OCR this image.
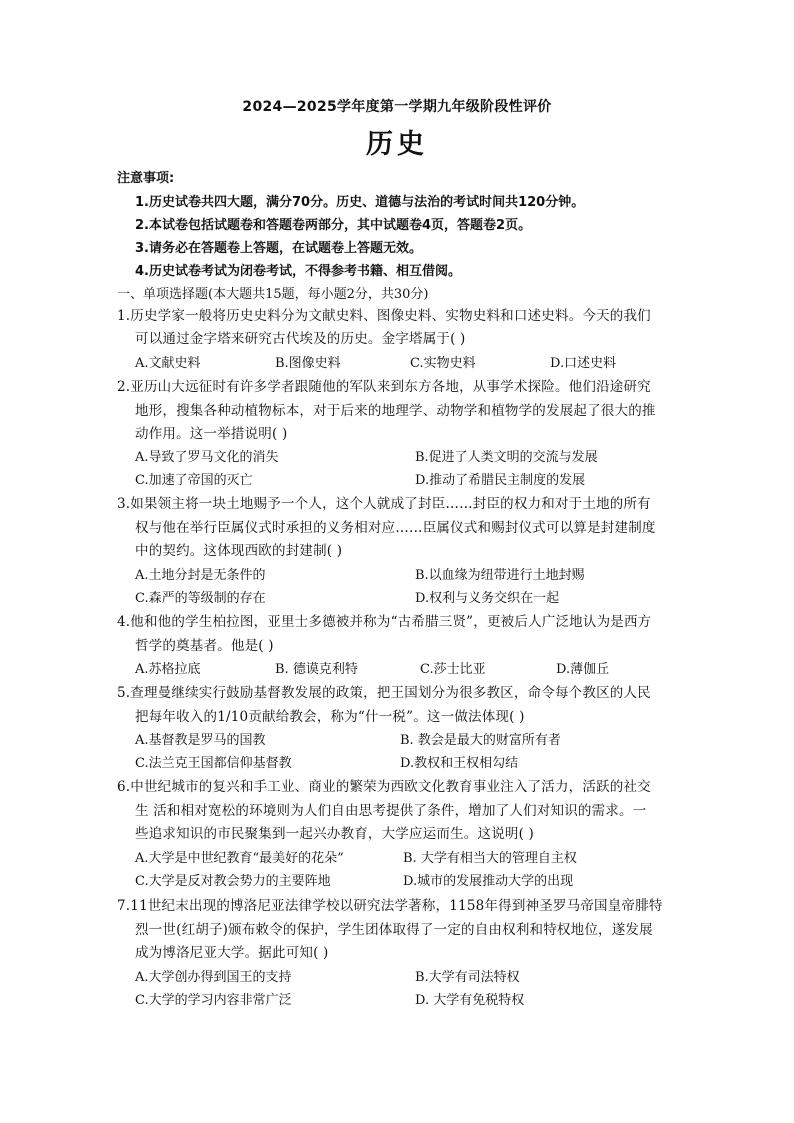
2024—2025学年度第一学期九年级阶段性评价
历史
注意事项:
1.历史试卷共四大题，满分70分。历史、道德与法治的考试时间共120分钟。
2.本试卷包括试题卷和答题卷两部分，其中试题卷4页，答题卷2页。
3.请务必在答题卷上答题，在试题卷上答题无效。
4.历史试卷考试为闭卷考试，不得参考书籍、相互借阅。
一、单项选择题(本大题共15题，每小题2分，共30分)
1.历史学家一般将历史史料分为文献史料、图像史料、实物史料和口述史料。今天的我们
可以通过金字塔来研究古代埃及的历史。金字塔属于( )
A.文献史料	B.图像史料	C.实物史料	D.口述史料
2.亚历山大远征时有许多学者跟随他的军队来到东方各地，从事学术探险。他们沿途研究
地形，搜集各种动植物标本，对于后来的地理学、动物学和植物学的发展起了很大的推
动作用。这一举措说明( )
A.导致了罗马文化的消失	B.促进了人类文明的交流与发展
C.加速了帝国的灭亡	D.推动了希腊民主制度的发展
3.如果领主将一块土地赐予一个人，这个人就成了封臣……封臣的权力和对于土地的所有
权与他在举行臣属仪式时承担的义务相对应……臣属仪式和赐封仪式可以算是封建制度
中的契约。这体现西欧的封建制( )
A.土地分封是无条件的	B.以血缘为纽带进行土地封赐
C.森严的等级制的存在	D.权利与义务交织在一起
4.他和他的学生柏拉图，亚里士多德被并称为“古希腊三贤”，更被后人广泛地认为是西方
哲学的奠基者。他是( )
A.苏格拉底	B. 德谟克利特	C.莎士比亚	D.薄伽丘
5.查理曼继续实行鼓励基督教发展的政策，把王国划分为很多教区，命令每个教区的人民
把每年收入的1/10贡献给教会，称为“什一税”。这一做法体现( )
A.基督教是罗马的国教	B. 教会是最大的财富所有者
C.法兰克王国都信仰基督教	D.教权和王权相勾结
6.中世纪城市的复兴和手工业、商业的繁荣为西欧文化教育事业注入了活力，活跃的社交
生 活和相对宽松的环境则为人们自由思考提供了条件，增加了人们对知识的需求。一
些追求知识的市民聚集到一起兴办教育，大学应运而生。这说明( )
A.大学是中世纪教育“最美好的花朵”	B. 大学有相当大的管理自主权
C.大学是反对教会势力的主要阵地	D.城市的发展推动大学的出现
7.11世纪末出现的博洛尼亚法律学校以研究法学著称，1158年得到神圣罗马帝国皇帝腓特
烈一世(红胡子)颁布敕令的保护，学生团体取得了一定的自由权利和特权地位，遂发展
成为博洛尼亚大学。据此可知( )
A.大学创办得到国王的支持	B.大学有司法特权
C.大学的学习内容非常广泛	D. 大学有免税特权
